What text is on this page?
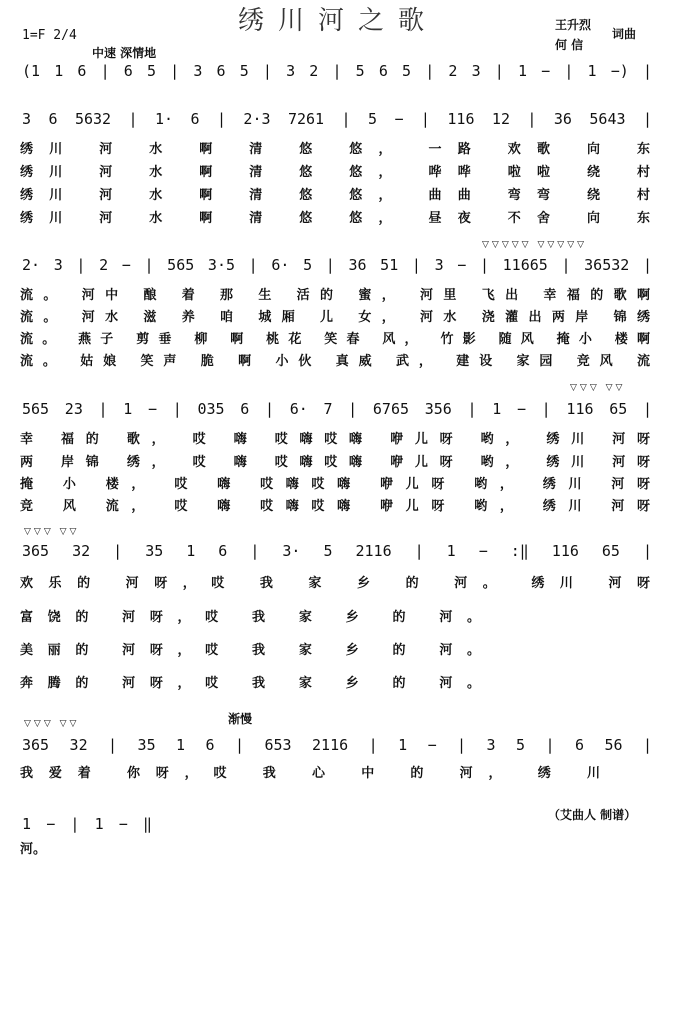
绣川河之歌
1=F 2/4
中速 深情地
王升烈
何 信
词曲
(1 1 6 | 6 5 | 3 6 5 | 3 2 | 5 6 5 | 2 3 | 1 − | 1 −) |
3 6 5632 | 1· 6 | 2·3 7261 | 5 − | 116 12 | 36 5643 |
绣川 河 水 啊 清 悠 悠， 一路 欢歌 向 东
绣川 河 水 啊 清 悠 悠， 哗哗 啦啦 绕 村
绣川 河 水 啊 清 悠 悠， 曲曲 弯弯 绕 村
绣川 河 水 啊 清 悠 悠， 昼夜 不舍 向 东
▽▽▽▽▽ ▽▽▽▽▽
2· 3 | 2 − | 565 3·5 | 6· 5 | 36 51 | 3 − | 11665 | 36532 |
流。 河中 酿 着 那 生 活的 蜜， 河里 飞出 幸福的歌啊
流。 河水 滋 养 咱 城厢 儿 女， 河水 浇灌出两岸 锦绣
流。 燕子 剪垂 柳 啊 桃花 笑春 风， 竹影 随风 掩小 楼啊
流。 姑娘 笑声 脆 啊 小伙 真威 武， 建设 家园 竞风 流
▽▽▽ ▽▽
565 23 | 1 − | 035 6 | 6· 7 | 6765 356 | 1 − | 116 65 |
幸 福的 歌， 哎 嗨 哎嗨哎嗨 咿儿呀 哟， 绣川 河呀
两 岸锦 绣， 哎 嗨 哎嗨哎嗨 咿儿呀 哟， 绣川 河呀
掩 小 楼， 哎 嗨 哎嗨哎嗨 咿儿呀 哟， 绣川 河呀
竞 风 流， 哎 嗨 哎嗨哎嗨 咿儿呀 哟， 绣川 河呀
▽▽▽ ▽▽
365 32 | 35 1 6 | 3· 5 2116 | 1 − :‖ 116 65 |
欢乐的 河呀，哎 我 家 乡 的 河。 绣川 河呀
富饶的 河呀，哎 我 家 乡 的 河。
美丽的 河呀，哎 我 家 乡 的 河。
奔腾的 河呀，哎 我 家 乡 的 河。
▽▽▽ ▽▽	渐慢
365 32 | 35 1 6 | 653 2116 | 1 − | 3 5 | 6 56 |
我爱着 你呀，哎 我 心 中 的 河， 绣 川
1 − | 1 − ‖
河。
（艾曲人 制谱）
